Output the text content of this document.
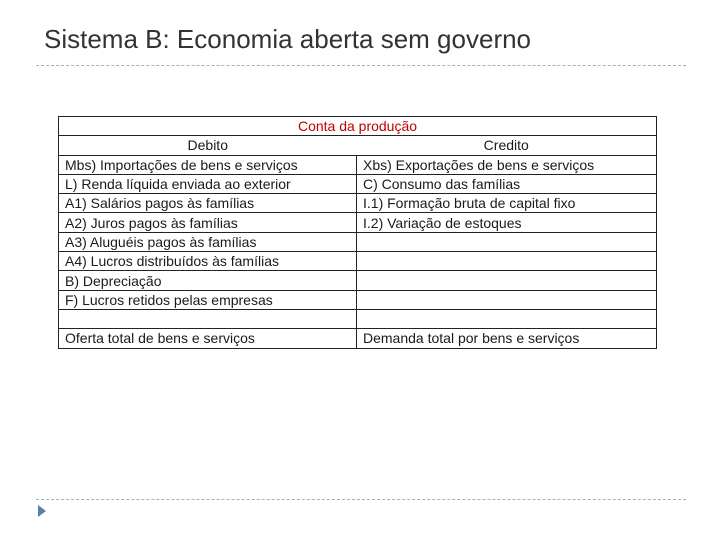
Sistema B: Economia aberta sem governo
Conta da produção	
Debito	Credito
Mbs) Importações de bens e serviços	Xbs) Exportações de bens e serviços
L) Renda líquida enviada ao exterior	C) Consumo das famílias
A1) Salários pagos às famílias	I.1) Formação bruta de capital fixo
A2) Juros pagos às famílias	I.2) Variação de estoques
A3) Aluguéis pagos às famílias	
A4) Lucros distribuídos às famílias	
B) Depreciação	
F) Lucros retidos pelas empresas	

Oferta total de bens e serviços	Demanda total por bens e serviços
